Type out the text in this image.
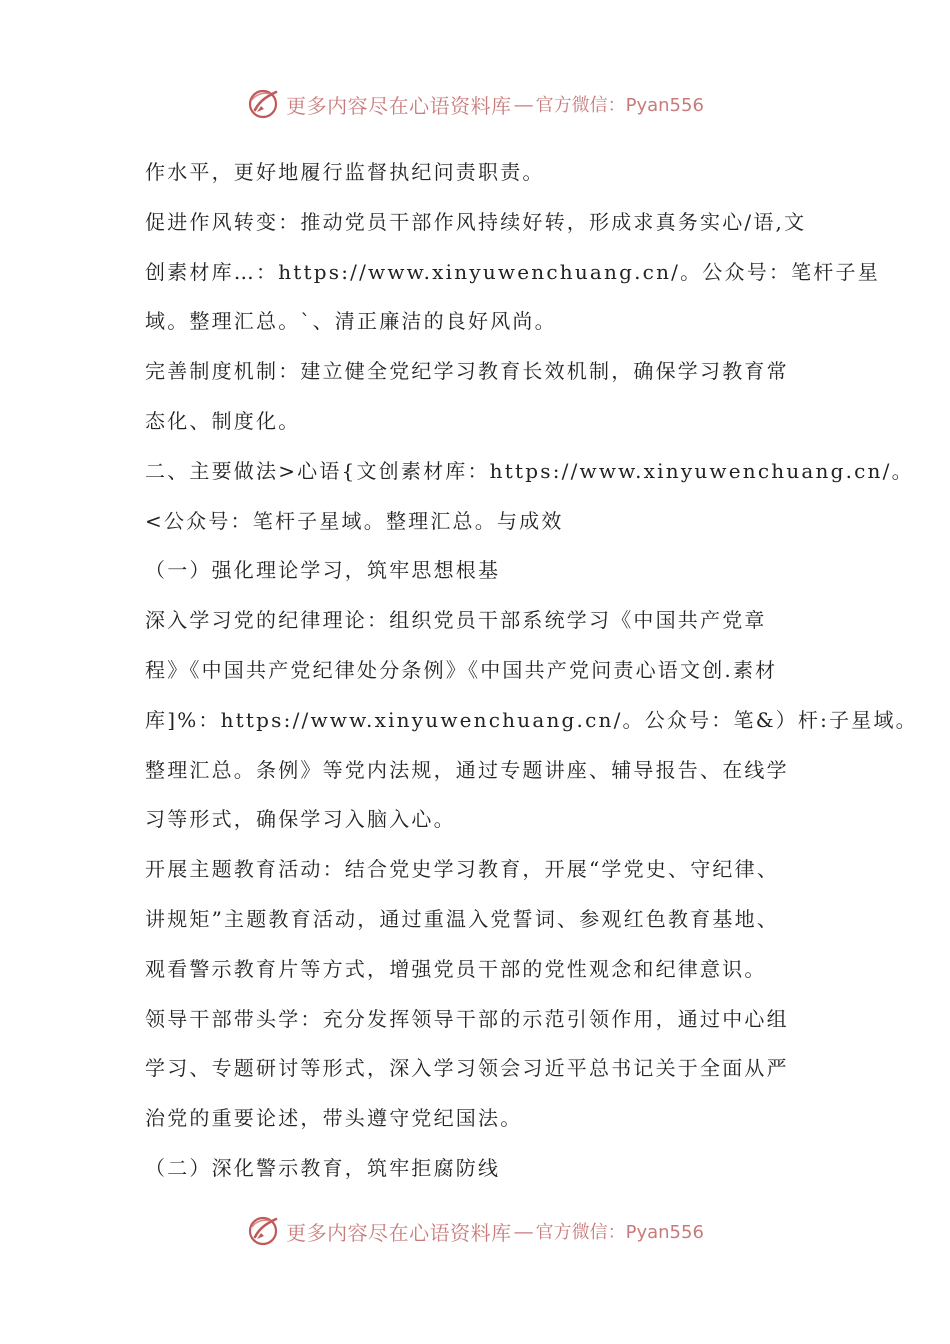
更多内容尽在心语资料库 — 官方微信：Pyan556
作水平，更好地履行监督执纪问责职责。
促进作风转变：推动党员干部作风持续好转，形成求真务实心/语,文
创素材库…：https://www.xinyuwenchuang.cn/。公众号：笔杆子星
域。整理汇总。`、清正廉洁的良好风尚。
完善制度机制：建立健全党纪学习教育长效机制，确保学习教育常
态化、制度化。
二、主要做法>心语{文创素材库：https://www.xinyuwenchuang.cn/。
<公众号：笔杆子星域。整理汇总。与成效
（一）强化理论学习，筑牢思想根基
深入学习党的纪律理论：组织党员干部系统学习《中国共产党章
程》《中国共产党纪律处分条例》《中国共产党问责心语文创.素材
库]%：https://www.xinyuwenchuang.cn/。公众号：笔&）杆:子星域。
整理汇总。条例》等党内法规，通过专题讲座、辅导报告、在线学
习等形式，确保学习入脑入心。
开展主题教育活动：结合党史学习教育，开展“学党史、守纪律、
讲规矩”主题教育活动，通过重温入党誓词、参观红色教育基地、
观看警示教育片等方式，增强党员干部的党性观念和纪律意识。
领导干部带头学：充分发挥领导干部的示范引领作用，通过中心组
学习、专题研讨等形式，深入学习领会习近平总书记关于全面从严
治党的重要论述，带头遵守党纪国法。
（二）深化警示教育，筑牢拒腐防线
更多内容尽在心语资料库 — 官方微信：Pyan556
